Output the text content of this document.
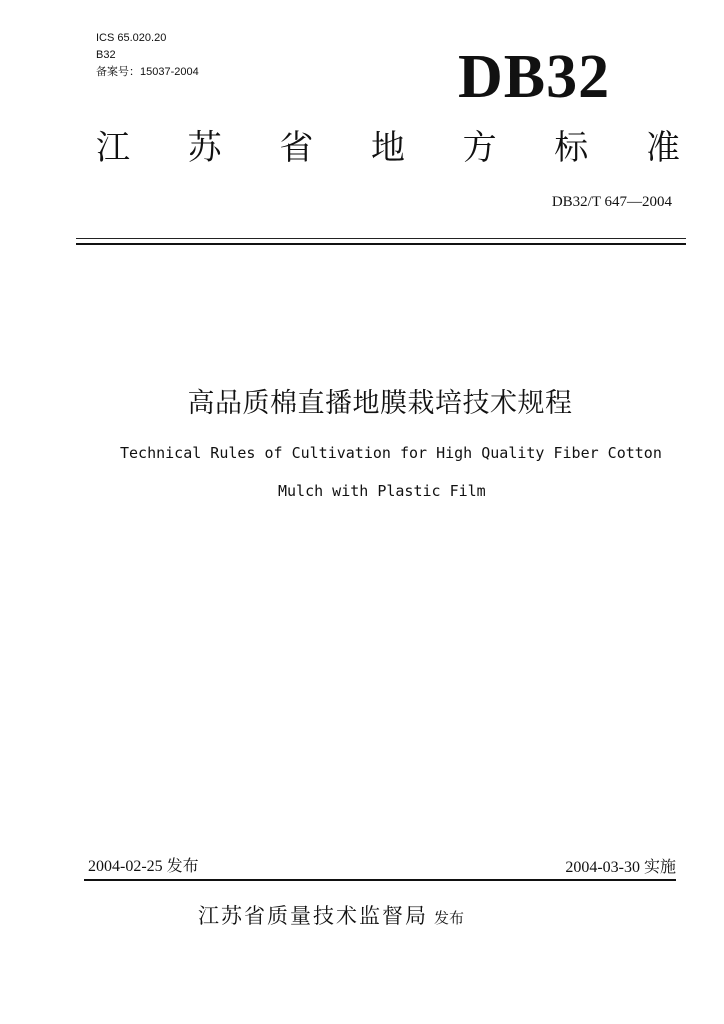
ICS 65.020.20
B32
备案号：15037-2004	DB32
江 苏 省 地 方 标 准
DB32/T 647—2004
高品质棉直播地膜栽培技术规程
Technical Rules of Cultivation for High Quality Fiber Cotton
Mulch with Plastic Film
2004-02-25 发布	2004-03-30 实施
江苏省质量技术监督局 发布
